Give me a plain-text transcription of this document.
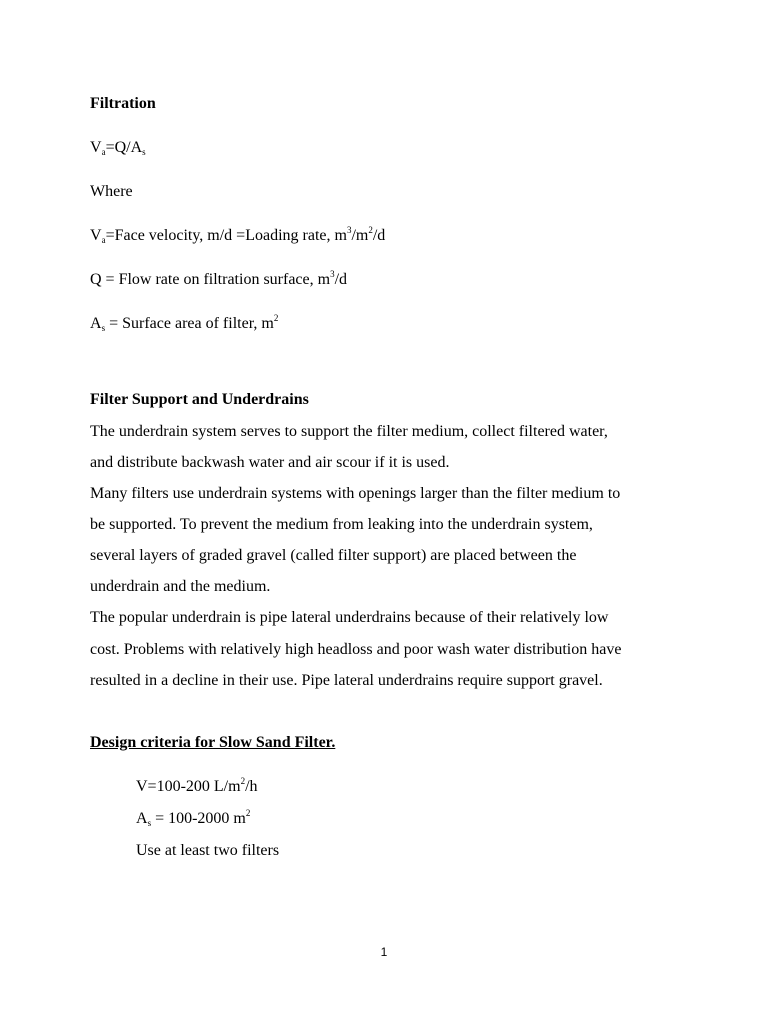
Filtration
$V_a=Q/A_s$
Where
$V_a=Face$ velocity, m/d =Loading rate, $m^3/m^2/d$
Q = Flow rate on filtration surface, $m^3/d$
$A_s$ = Surface area of filter, $m^2$
Filter Support and Underdrains
The underdrain system serves to support the filter medium, collect filtered water,
and distribute backwash water and air scour if it is used.
Many filters use underdrain systems with openings larger than the filter medium to
be supported. To prevent the medium from leaking into the underdrain system,
several layers of graded gravel (called filter support) are placed between the
underdrain and the medium.
The popular underdrain is pipe lateral underdrains because of their relatively low
cost. Problems with relatively high headloss and poor wash water distribution have
resulted in a decline in their use. Pipe lateral underdrains require support gravel.
Design criteria for Slow Sand Filter.
V=100-200 $L/m^2/h$
$A_s = 100-2000$ $m^2$
Use at least two filters
1
